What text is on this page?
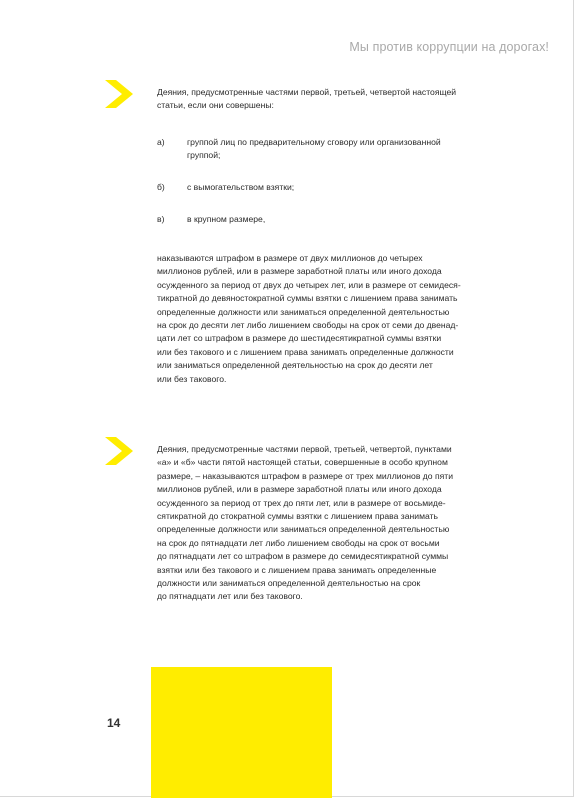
Мы против коррупции на дорогах!

Деяния, предусмотренные частями первой, третьей, четвертой настоящей

статьи, если они совершены:

а)	группой лиц по предварительному сговору или организованной

группой;

б)	с вымогательством взятки;

в)	в крупном размере,

наказываются штрафом в размере от двух миллионов до четырех

миллионов рублей, или в размере заработной платы или иного дохода

осужденного за период от двух до четырех лет, или в размере от семидеся-

тикратной до девяностократной суммы взятки с лишением права занимать

определенные должности или заниматься определенной деятельностью

на срок до десяти лет либо лишением свободы на срок от семи до двенад-

цати лет со штрафом в размере до шестидесятикратной суммы взятки

или без такового и с лишением права занимать определенные должности

или заниматься определенной деятельностью на срок до десяти лет

или без такового.

Деяния, предусмотренные частями первой, третьей, четвертой, пунктами

«а» и «б» части пятой настоящей статьи, совершенные в особо крупном

размере, – наказываются штрафом в размере от трех миллионов до пяти

миллионов рублей, или в размере заработной платы или иного дохода

осужденного за период от трех до пяти лет, или в размере от восьмиде-

сятикратной до стократной суммы взятки с лишением права занимать

определенные должности или заниматься определенной деятельностью

на срок до пятнадцати лет либо лишением свободы на срок от восьми

до пятнадцати лет со штрафом в размере до семидесятикратной суммы

взятки или без такового и с лишением права занимать определенные

должности или заниматься определенной деятельностью на срок

до пятнадцати лет или без такового.

14
